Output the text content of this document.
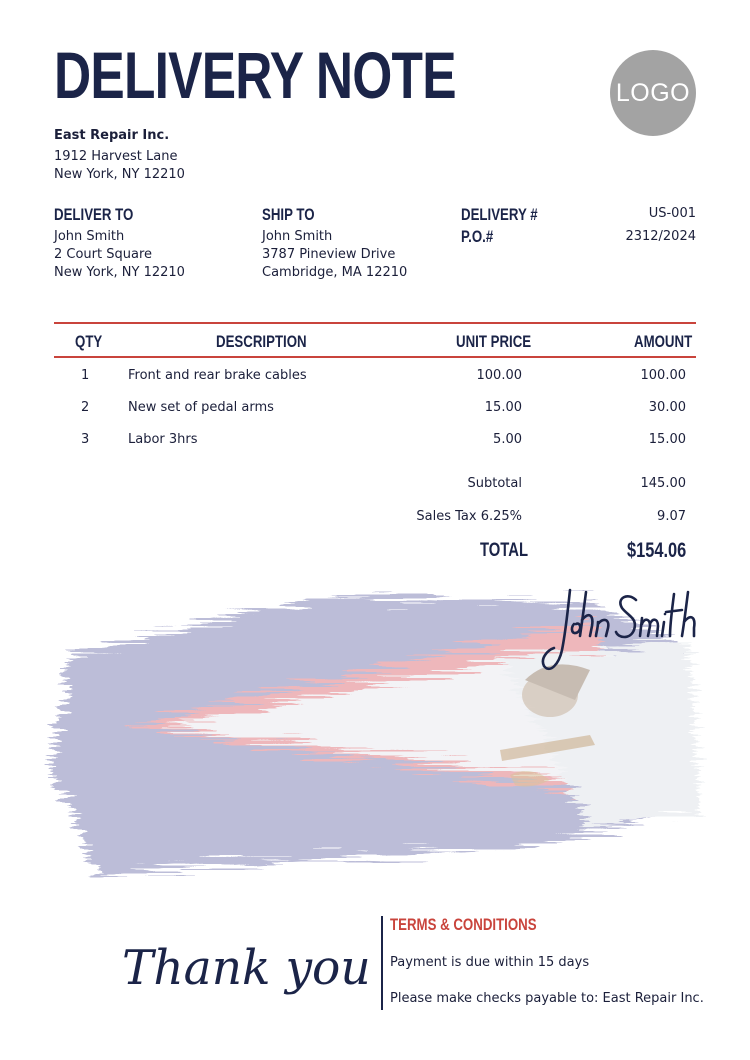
DELIVERY NOTE	LOGO
East Repair Inc.
1912 Harvest Lane
New York, NY 12210
DELIVER TO
John Smith
2 Court Square
New York, NY 12210
SHIP TO
John Smith
3787 Pineview Drive
Cambridge, MA 12210
DELIVERY #	US-001
P.O.#	2312/2024
QTY	DESCRIPTION	UNIT PRICE	AMOUNT
1	Front and rear brake cables	100.00	100.00
2	New set of pedal arms	15.00	30.00
3	Labor 3hrs	5.00	15.00
Subtotal	145.00
Sales Tax 6.25%	9.07
TOTAL	$154.06
Thank you
TERMS & CONDITIONS
Payment is due within 15 days
Please make checks payable to: East Repair Inc.
